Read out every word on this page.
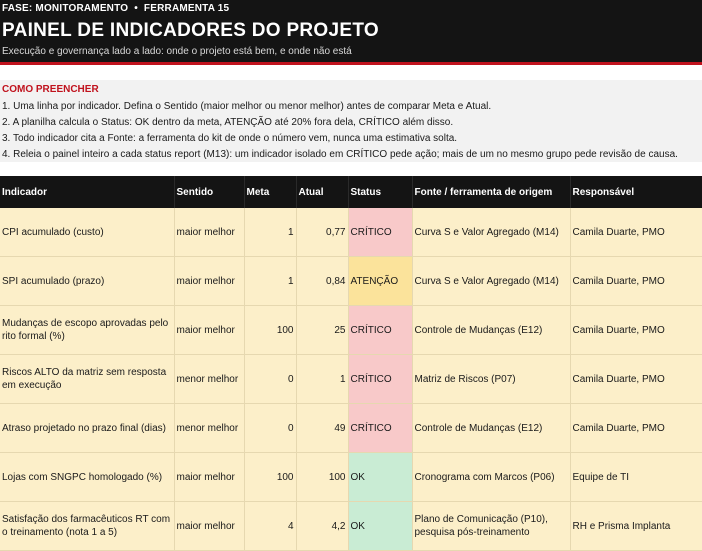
FASE: MONITORAMENTO • FERRAMENTA 15
PAINEL DE INDICADORES DO PROJETO
Execução e governança lado a lado: onde o projeto está bem, e onde não está
COMO PREENCHER
1. Uma linha por indicador. Defina o Sentido (maior melhor ou menor melhor) antes de comparar Meta e Atual.
2. A planilha calcula o Status: OK dentro da meta, ATENÇÃO até 20% fora dela, CRÍTICO além disso.
3. Todo indicador cita a Fonte: a ferramenta do kit de onde o número vem, nunca uma estimativa solta.
4. Releia o painel inteiro a cada status report (M13): um indicador isolado em CRÍTICO pede ação; mais de um no mesmo grupo pede revisão de causa.
Indicador	Sentido	Meta	Atual	Status	Fonte / ferramenta de origem	Responsável
CPI acumulado (custo)	maior melhor	1	0,77	CRÍTICO	Curva S e Valor Agregado (M14)	Camila Duarte, PMO
SPI acumulado (prazo)	maior melhor	1	0,84	ATENÇÃO	Curva S e Valor Agregado (M14)	Camila Duarte, PMO
Mudanças de escopo aprovadas pelo rito formal (%)	maior melhor	100	25	CRÍTICO	Controle de Mudanças (E12)	Camila Duarte, PMO
Riscos ALTO da matriz sem resposta em execução	menor melhor	0	1	CRÍTICO	Matriz de Riscos (P07)	Camila Duarte, PMO
Atraso projetado no prazo final (dias)	menor melhor	0	49	CRÍTICO	Controle de Mudanças (E12)	Camila Duarte, PMO
Lojas com SNGPC homologado (%)	maior melhor	100	100	OK	Cronograma com Marcos (P06)	Equipe de TI
Satisfação dos farmacêuticos RT com o treinamento (nota 1 a 5)	maior melhor	4	4,2	OK	Plano de Comunicação (P10), pesquisa pós-treinamento	RH e Prisma Implanta
